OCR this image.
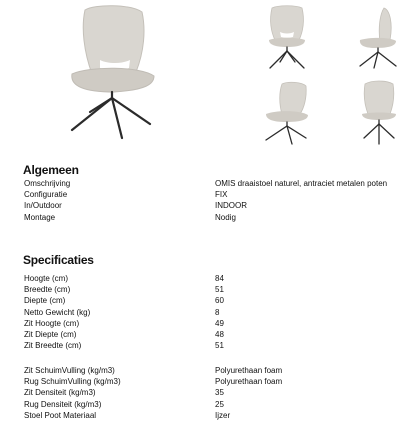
Algemeen
Omschrijving	OMIS draaistoel naturel, antraciet metalen poten
Configuratie	FIX
In/Outdoor	INDOOR
Montage	Nodig
Specificaties
Hoogte (cm)	84
Breedte (cm)	51
Diepte (cm)	60
Netto Gewicht (kg)	8
Zit Hoogte (cm)	49
Zit Diepte (cm)	48
Zit Breedte (cm)	51
Zit SchuimVulling (kg/m3)	Polyurethaan foam
Rug SchuimVulling (kg/m3)	Polyurethaan foam
Zit Densiteit (kg/m3)	35
Rug Densiteit (kg/m3)	25
Stoel Poot Materiaal	Ijzer
